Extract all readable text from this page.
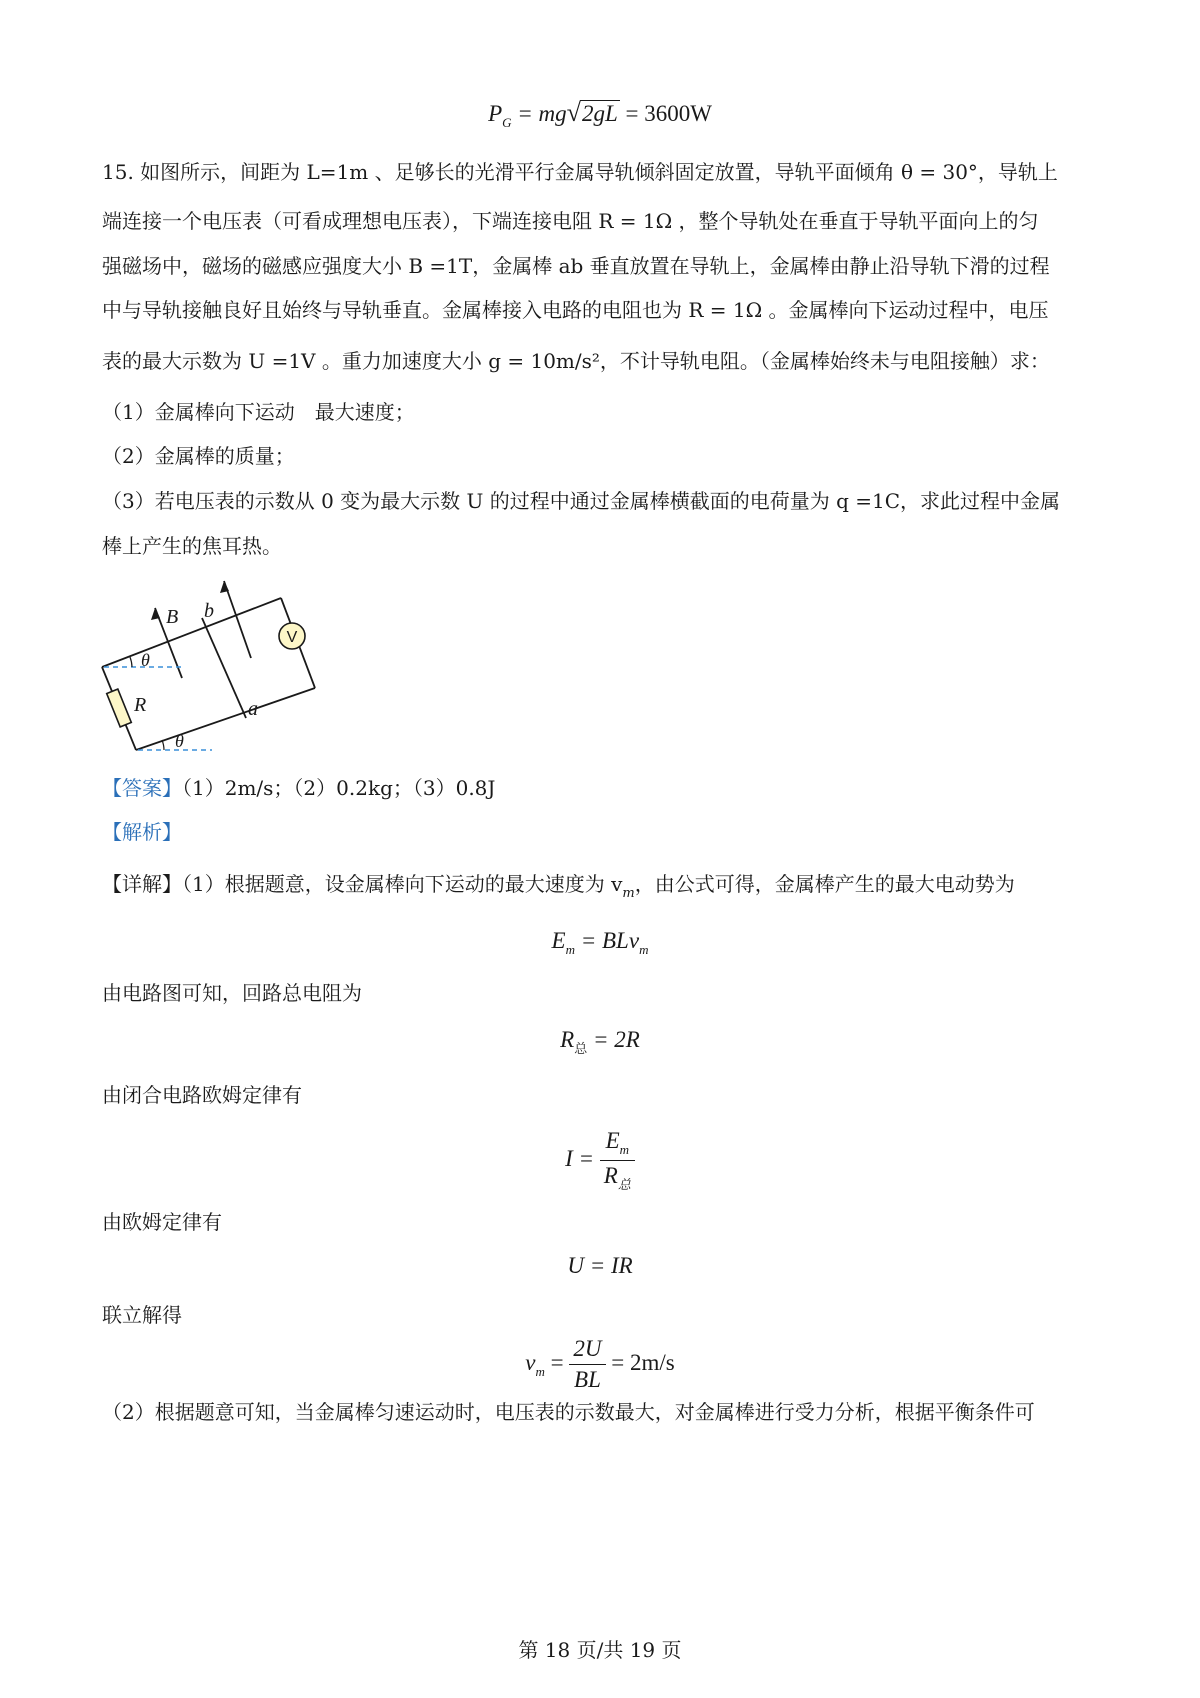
$P_G = mg√2gL = 3600W$
15. 如图所示，间距为 L=1m 、足够长的光滑平行金属导轨倾斜固定放置，导轨平面倾角 θ = 30°，导轨上
端连接一个电压表（可看成理想电压表），下端连接电阻 R = 1Ω ，整个导轨处在垂直于导轨平面向上的匀
强磁场中，磁场的磁感应强度大小 B =1T，金属棒 ab 垂直放置在导轨上，金属棒由静止沿导轨下滑的过程
中与导轨接触良好且始终与导轨垂直。金属棒接入电路的电阻也为 R = 1Ω 。金属棒向下运动过程中，电压
表的最大示数为 U =1V 。重力加速度大小 g = 10m/s²，不计导轨电阻。（金属棒始终未与电阻接触）求：
（1）金属棒向下运动　最大速度；
（2）金属棒的质量；
（3）若电压表的示数从 0 变为最大示数 U 的过程中通过金属棒横截面的电荷量为 q =1C，求此过程中金属
棒上产生的焦耳热。
V
B b
a
R
θ
θ
【答案】（1）2m/s；（2）0.2kg；（3）0.8J
【解析】
【详解】（1）根据题意，设金属棒向下运动的最大速度为 $v_m$，由公式可得，金属棒产生的最大电动势为
$E_m = BLv_m$
由电路图可知，回路总电阻为
$R_总 = 2R$
由闭合电路欧姆定律有
$I = \frac{E_m}{R_总}$
由欧姆定律有
U = IR
联立解得
$v_m = \frac{2U}{BL} = 2m/s$
（2）根据题意可知，当金属棒匀速运动时，电压表的示数最大，对金属棒进行受力分析，根据平衡条件可
第 18 页/共 19 页
